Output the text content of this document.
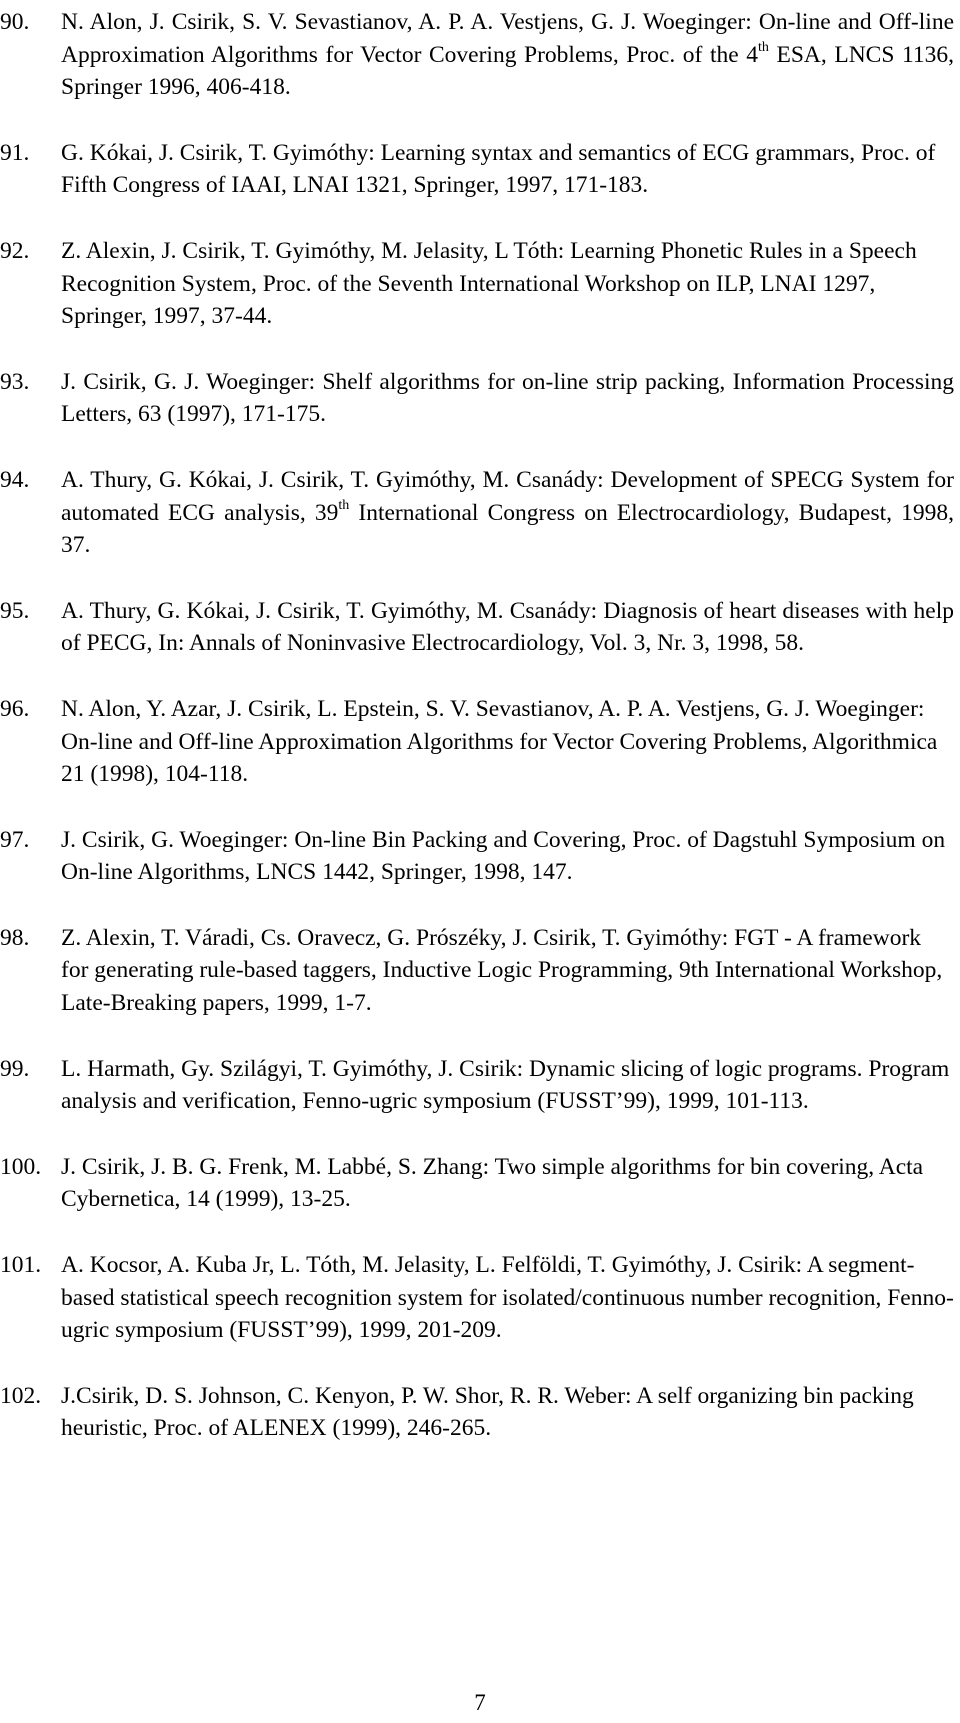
90. N. Alon, J. Csirik, S. V. Sevastianov, A. P. A. Vestjens, G. J. Woeginger: On-line and Off-line Approximation Algorithms for Vector Covering Problems, Proc. of the 4th ESA, LNCS 1136, Springer 1996, 406-418.
91. G. Kókai, J. Csirik, T. Gyimóthy: Learning syntax and semantics of ECG grammars, Proc. of Fifth Congress of IAAI, LNAI 1321, Springer, 1997, 171-183.
92. Z. Alexin, J. Csirik, T. Gyimóthy, M. Jelasity, L Tóth: Learning Phonetic Rules in a Speech Recognition System, Proc. of the Seventh International Workshop on ILP, LNAI 1297, Springer, 1997, 37-44.
93. J. Csirik, G. J. Woeginger: Shelf algorithms for on-line strip packing, Information Processing Letters, 63 (1997), 171-175.
94. A. Thury, G. Kókai, J. Csirik, T. Gyimóthy, M. Csanády: Development of SPECG System for automated ECG analysis, 39th International Congress on Electrocardiology, Budapest, 1998, 37.
95. A. Thury, G. Kókai, J. Csirik, T. Gyimóthy, M. Csanády: Diagnosis of heart diseases with help of PECG, In: Annals of Noninvasive Electrocardiology, Vol. 3, Nr. 3, 1998, 58.
96. N. Alon, Y. Azar, J. Csirik, L. Epstein, S. V. Sevastianov, A. P. A. Vestjens, G. J. Woeginger: On-line and Off-line Approximation Algorithms for Vector Covering Problems, Algorithmica 21 (1998), 104-118.
97. J. Csirik, G. Woeginger: On-line Bin Packing and Covering, Proc. of Dagstuhl Symposium on On-line Algorithms, LNCS 1442, Springer, 1998, 147.
98. Z. Alexin, T. Váradi, Cs. Oravecz, G. Prószéky, J. Csirik, T. Gyimóthy: FGT - A framework for generating rule-based taggers, Inductive Logic Programming, 9th International Workshop, Late-Breaking papers, 1999, 1-7.
99. L. Harmath, Gy. Szilágyi, T. Gyimóthy, J. Csirik: Dynamic slicing of logic programs. Program analysis and verification, Fenno-ugric symposium (FUSST’99), 1999, 101-113.
100. J. Csirik, J. B. G. Frenk, M. Labbé, S. Zhang: Two simple algorithms for bin covering, Acta Cybernetica, 14 (1999), 13-25.
101. A. Kocsor, A. Kuba Jr, L. Tóth, M. Jelasity, L. Felföldi, T. Gyimóthy, J. Csirik: A segment-based statistical speech recognition system for isolated/continuous number recognition, Fenno-ugric symposium (FUSST’99), 1999, 201-209.
102. J.Csirik, D. S. Johnson, C. Kenyon, P. W. Shor, R. R. Weber: A self organizing bin packing heuristic, Proc. of ALENEX (1999), 246-265.
7
